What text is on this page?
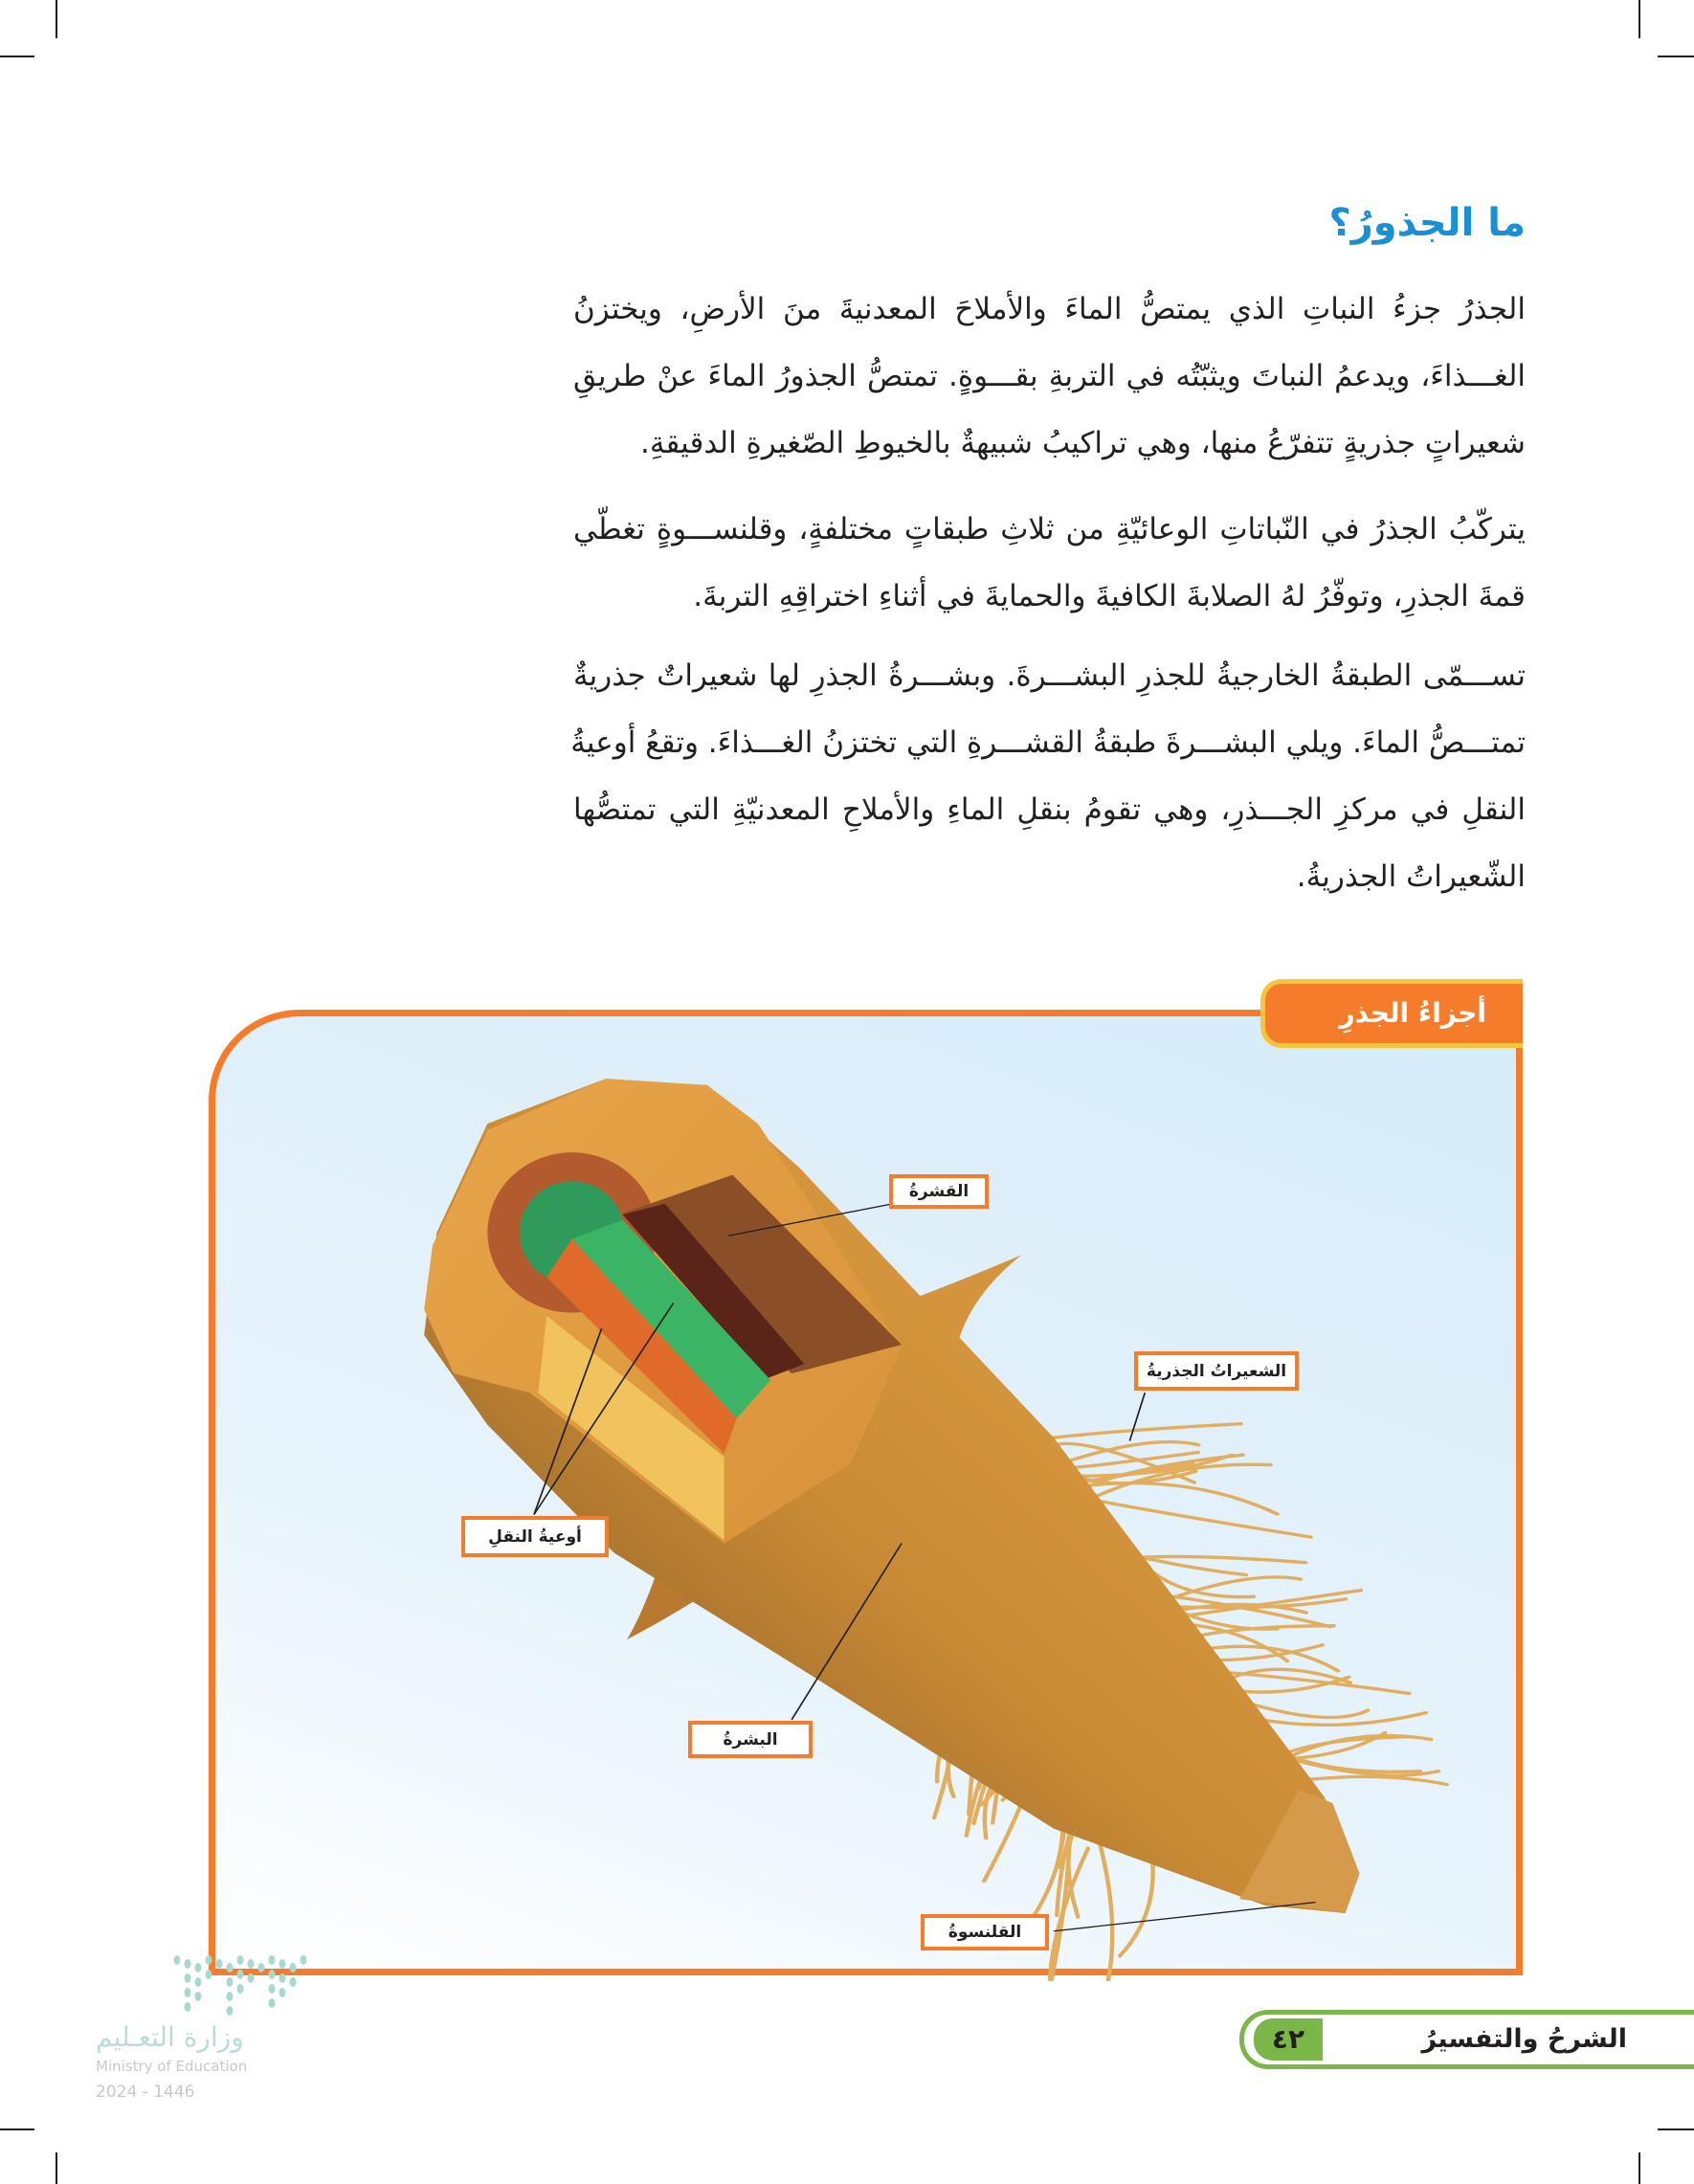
ما الجذورُ؟
الجذرُ جزءُ النباتِ الذي يمتصُّ الماءَ والأملاحَ المعدنيةَ منَ الأرضِ، ويختزنُ
الغـــذاءَ، ويدعمُ النباتَ ويثبّتُه في التربةِ بقـــوةٍ. تمتصُّ الجذورُ الماءَ عنْ طريقِ
شعيراتٍ جذريةٍ تتفرّعُ منها، وهي تراكيبُ شبيهةٌ بالخيوطِ الصّغيرةِ الدقيقةِ.
يتركّبُ الجذرُ في النّباتاتِ الوعائيّةِ من ثلاثِ طبقاتٍ مختلفةٍ، وقلنســـوةٍ تغطّي
قمةَ الجذرِ، وتوفّرُ لهُ الصلابةَ الكافيةَ والحمايةَ في أثناءِ اختراقِهِ التربةَ.
تســـمّى الطبقةُ الخارجيةُ للجذرِ البشـــرةَ. وبشـــرةُ الجذرِ لها شعيراتٌ جذريةٌ
تمتـــصُّ الماءَ. ويلي البشـــرةَ طبقةُ القشـــرةِ التي تختزنُ الغـــذاءَ. وتقعُ أوعيةُ
النقلِ في مركزِ الجـــذرِ، وهي تقومُ بنقلِ الماءِ والأملاحِ المعدنيّةِ التي تمتصُّها
الشّعيراتُ الجذريةُ.
أجزاءُ الجذرِ
القشرةُ
الشعيراتُ الجذريةُ
أوعيةُ النقلِ
البشرةُ
القلنسوةُ
وزارة التعـليم
Ministry of Education
2024 - 1446
٤٢	الشرحُ والتفسيرُ
